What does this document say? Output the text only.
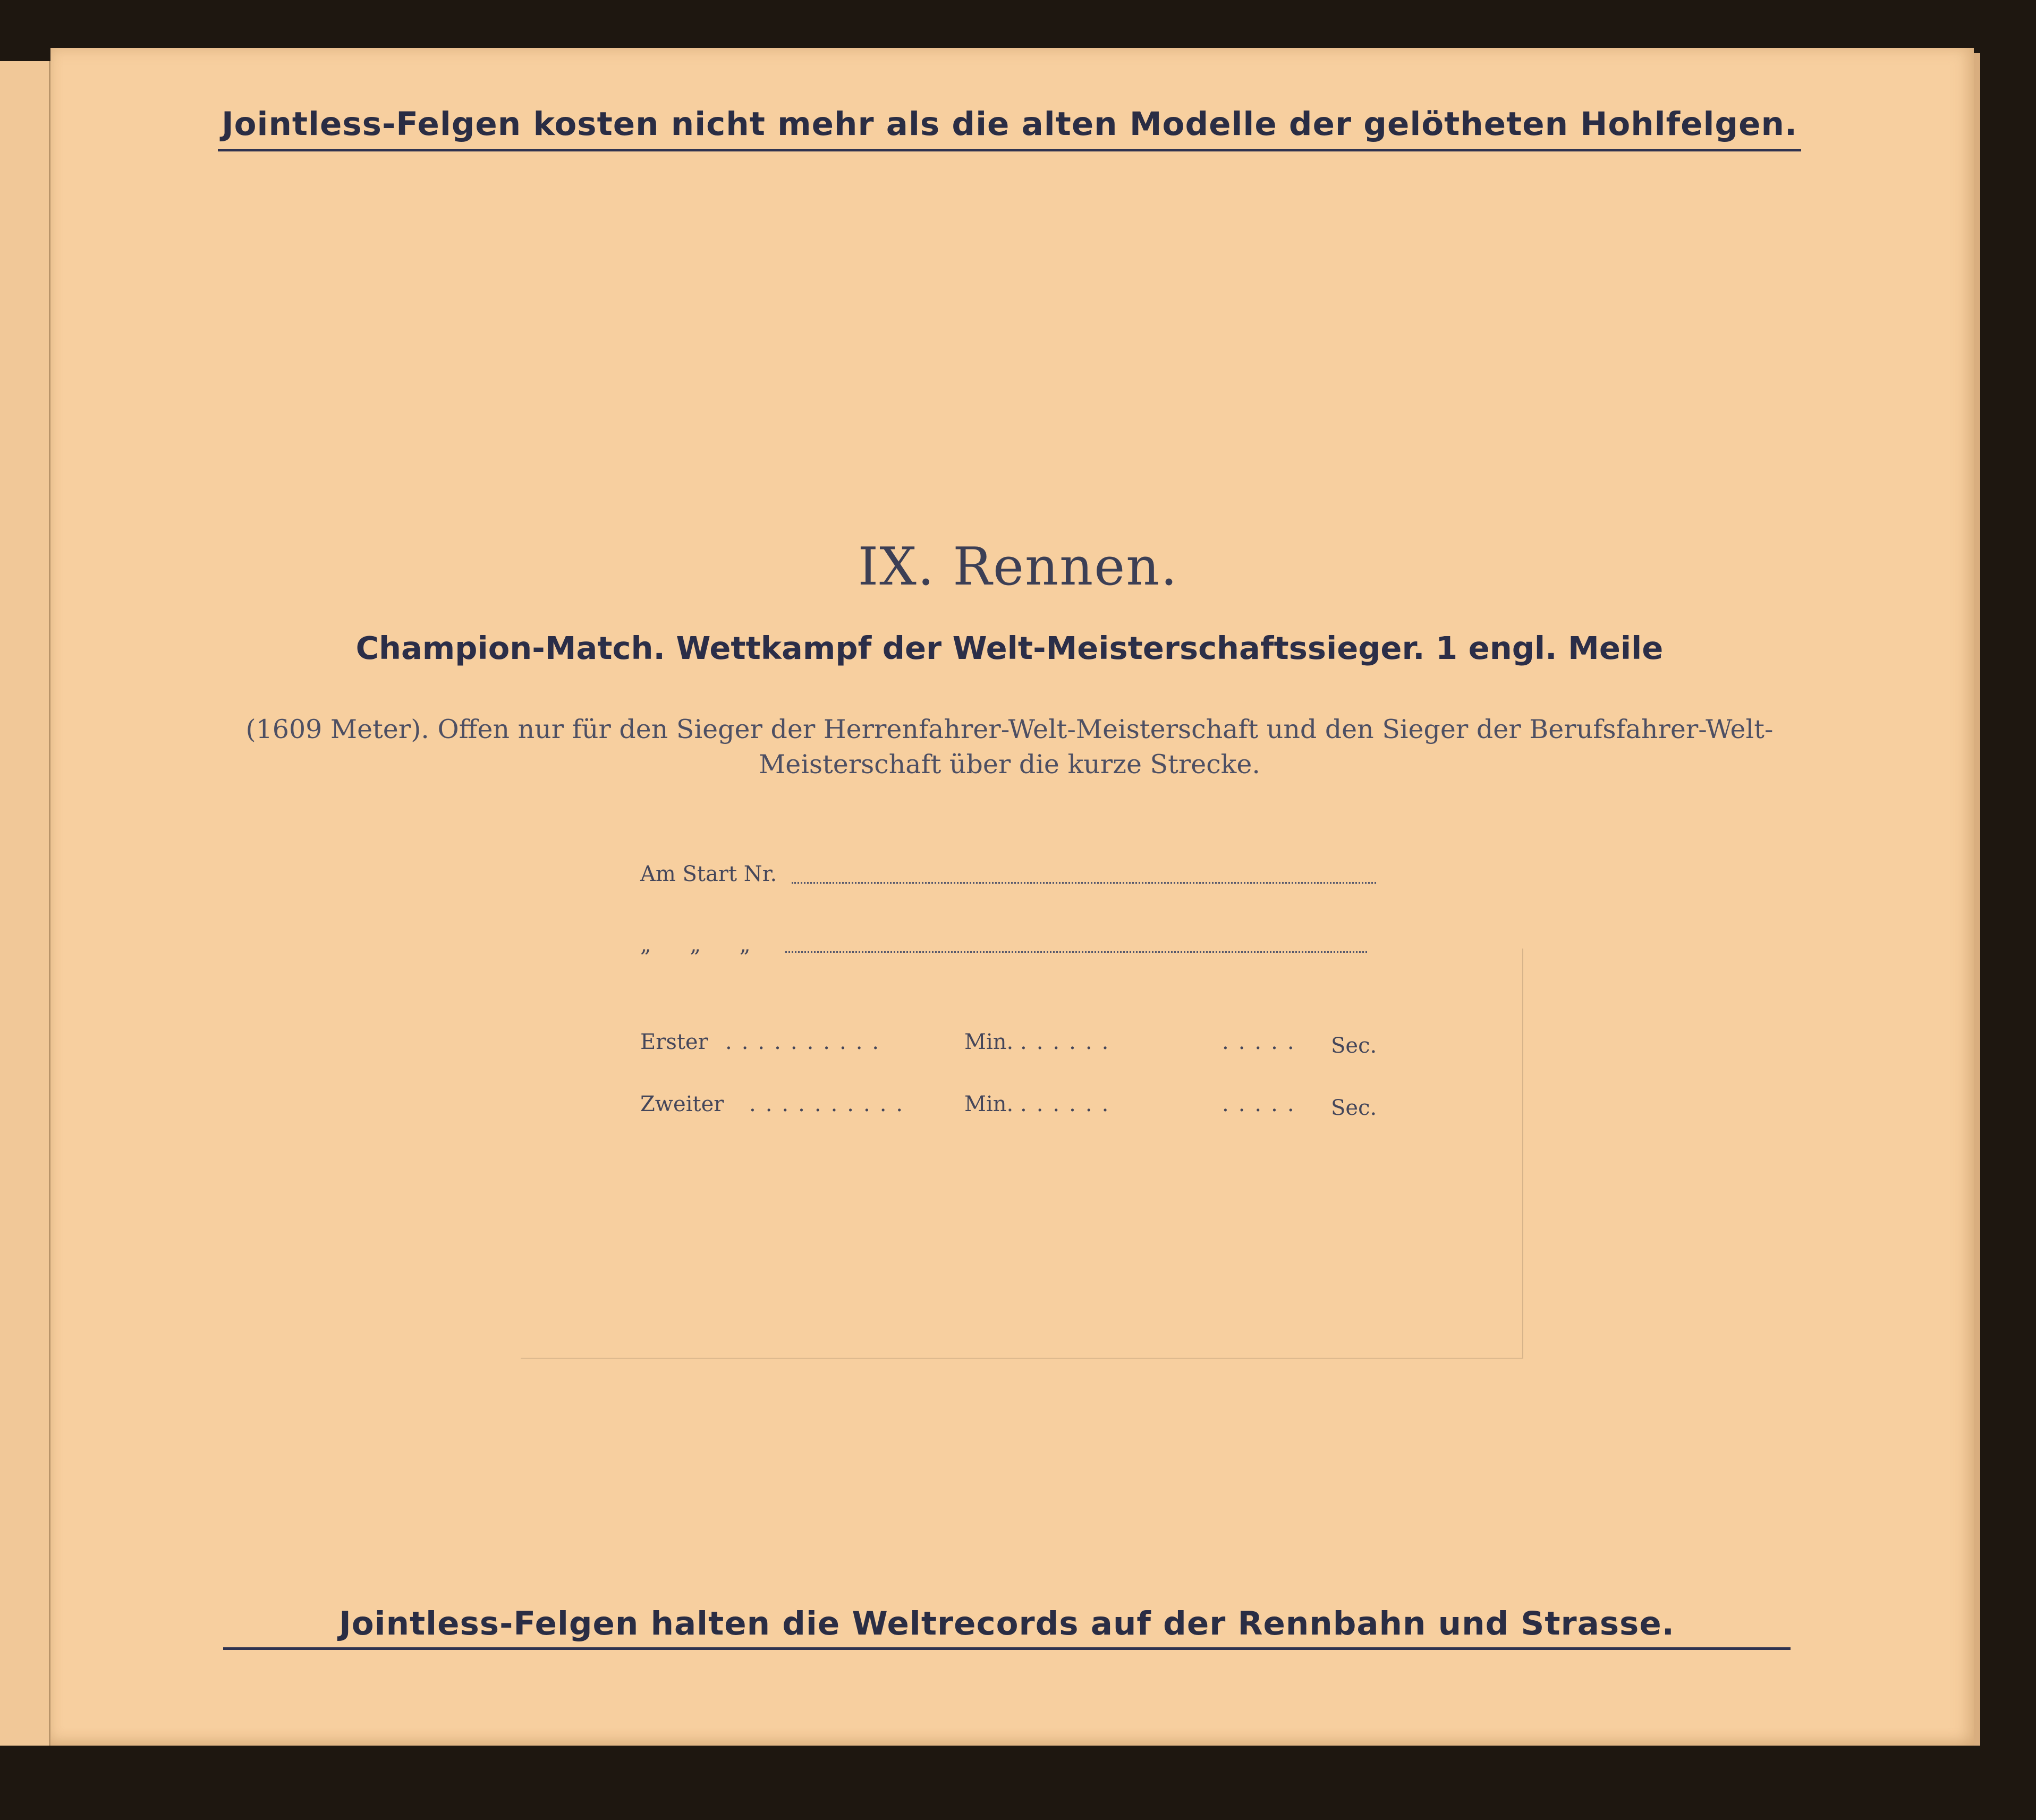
Jointless-Felgen kosten nicht mehr als die alten Modelle der gelötheten Hohlfelgen.
IX. Rennen.
Champion-Match. Wettkampf der Welt-Meisterschaftssieger. 1 engl. Meile
(1609 Meter). Offen nur für den Sieger der Herrenfahrer-Welt-Meisterschaft und den Sieger der Berufsfahrer-Welt-Meisterschaft über die kurze Strecke.
Am Start Nr.
„ „ „
Erster ..........	Min. ......	..... Sec.
Zweiter .......... Min. ......	..... Sec.
Jointless-Felgen halten die Weltrecords auf der Rennbahn und Strasse.
